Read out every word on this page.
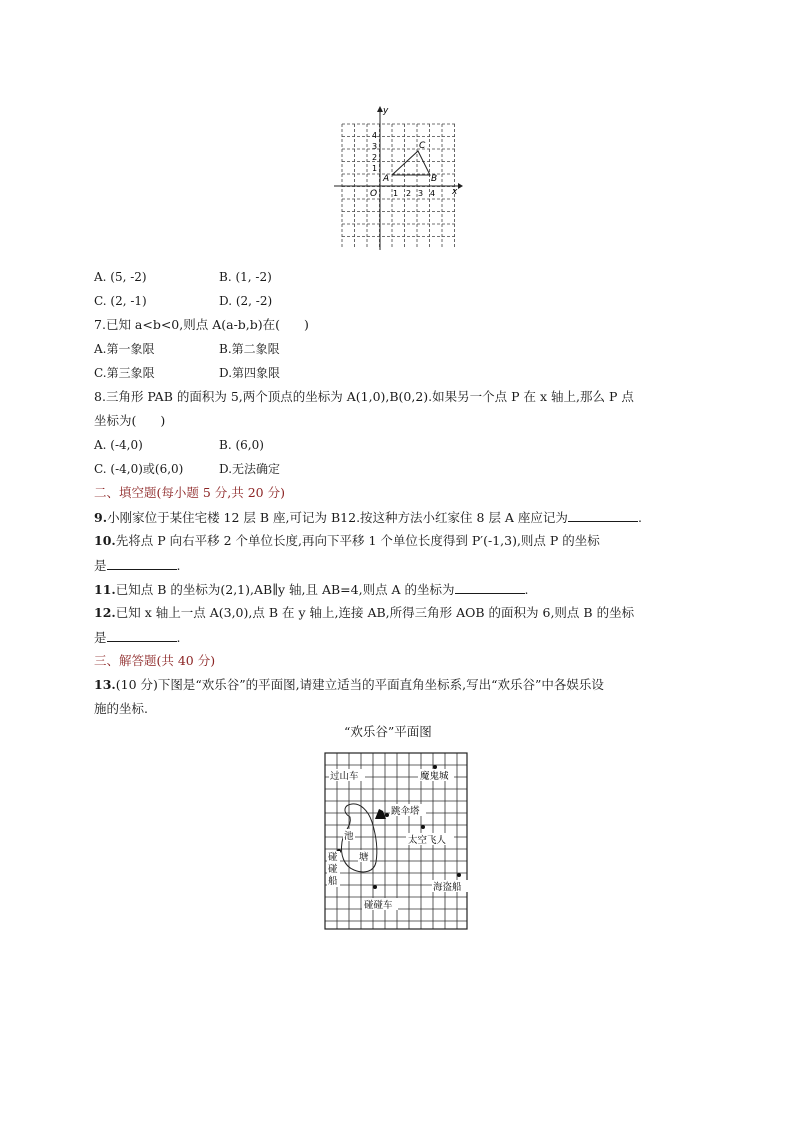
y
x
O
4
3
2
1
1 2 3 4
A	B
C
A. (5, -2)	B. (1, -2)
C. (2, -1)	D. (2, -2)
7.已知 a<b<0,则点 A(a-b,b)在( )
A.第一象限	B.第二象限
C.第三象限	D.第四象限
8.三角形 PAB 的面积为 5,两个顶点的坐标为 A(1,0),B(0,2).如果另一个点 P 在 x 轴上,那么 P 点
坐标为( )
A. (-4,0)	B. (6,0)
C. (-4,0)或(6,0)	D.无法确定
二、填空题(每小题 5 分,共 20 分)
9.小刚家位于某住宅楼 12 层 B 座,可记为 B12.按这种方法小红家住 8 层 A 座应记为	.
10.先将点 P 向右平移 2 个单位长度,再向下平移 1 个单位长度得到 P′(-1,3),则点 P 的坐标
是	.
11.已知点 B 的坐标为(2,1),AB∥y 轴,且 AB=4,则点 A 的坐标为	.
12.已知 x 轴上一点 A(3,0),点 B 在 y 轴上,连接 AB,所得三角形 AOB 的面积为 6,则点 B 的坐标
是	.
三、解答题(共 40 分)
13.(10 分)下图是“欢乐谷”的平面图,请建立适当的平面直角坐标系,写出“欢乐谷”中各娱乐设
施的坐标.
“欢乐谷”平面图
过山车	魔鬼城
跳伞塔
池
塘
太空飞人
碰碰船
海盗船
碰碰车
